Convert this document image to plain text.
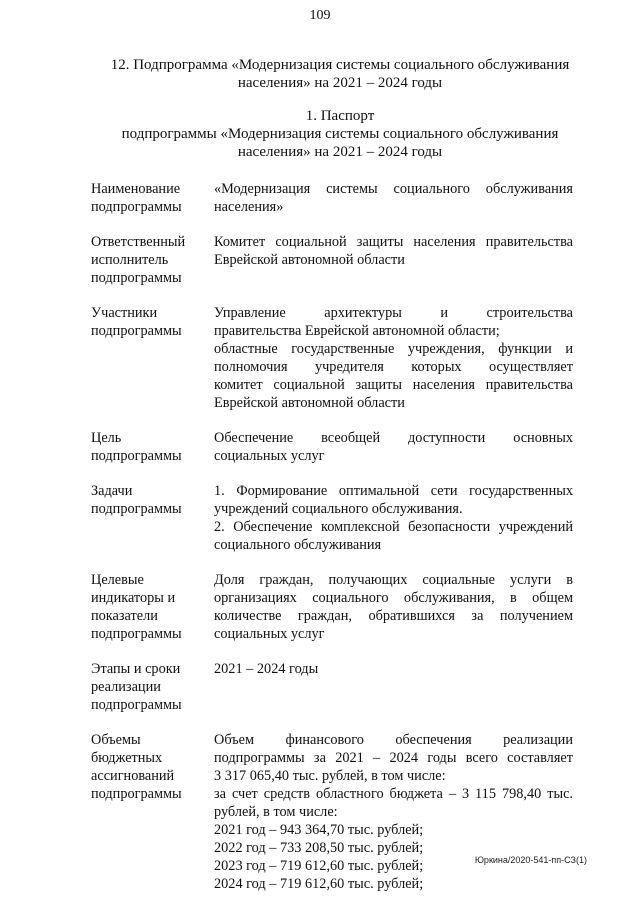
109
12. Подпрограмма «Модернизация системы социального обслуживания
населения» на 2021 – 2024 годы
1. Паспорт
подпрограммы «Модернизация системы социального обслуживания
населения» на 2021 – 2024 годы
Наименование
подпрограммы
«Модернизация системы социального обслуживания
населения»
Ответственный
исполнитель
подпрограммы
Комитет социальной защиты населения правительства
Еврейской автономной области
Участники
подпрограммы
Управление архитектуры и строительства
правительства Еврейской автономной области;
областные государственные учреждения, функции и
полномочия учредителя которых осуществляет
комитет социальной защиты населения правительства
Еврейской автономной области
Цель
подпрограммы
Обеспечение всеобщей доступности основных
социальных услуг
Задачи
подпрограммы
1. Формирование оптимальной сети государственных
учреждений социального обслуживания.
2. Обеспечение комплексной безопасности учреждений
социального обслуживания
Целевые
индикаторы и
показатели
подпрограммы
Доля граждан, получающих социальные услуги в
организациях социального обслуживания, в общем
количестве граждан, обратившихся за получением
социальных услуг
Этапы и сроки
реализации
подпрограммы
2021 – 2024 годы
Объемы
бюджетных
ассигнований
подпрограммы
Объем финансового обеспечения реализации
подпрограммы за 2021 – 2024 годы всего составляет
3 317 065,40 тыс. рублей, в том числе:
за счет средств областного бюджета – 3 115 798,40 тыс.
рублей, в том числе:
2021 год – 943 364,70 тыс. рублей;
2022 год – 733 208,50 тыс. рублей;
2023 год – 719 612,60 тыс. рублей;
2024 год – 719 612,60 тыс. рублей;
Юркина/2020-541-пп-СЗ(1)
